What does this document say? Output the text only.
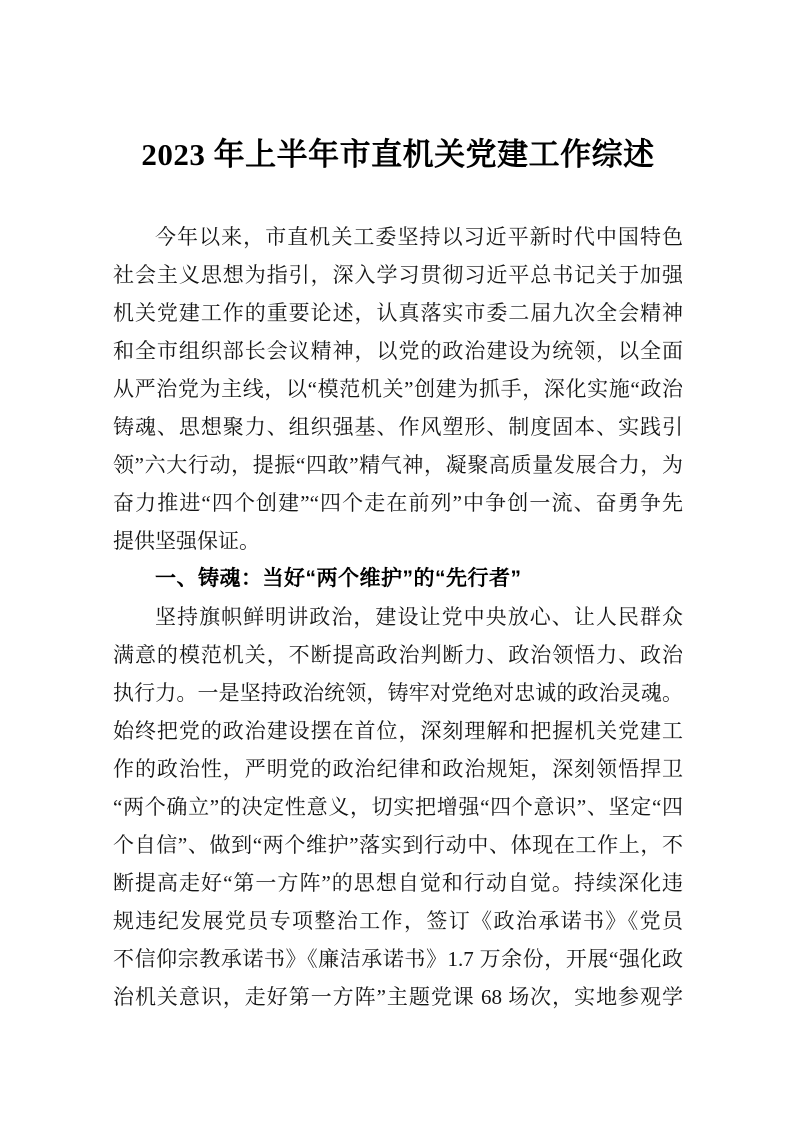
2023 年上半年市直机关党建工作综述
今年以来，市直机关工委坚持以习近平新时代中国特色
社会主义思想为指引，深入学习贯彻习近平总书记关于加强
机关党建工作的重要论述，认真落实市委二届九次全会精神
和全市组织部长会议精神，以党的政治建设为统领，以全面
从严治党为主线，以“模范机关”创建为抓手，深化实施“政治
铸魂、思想聚力、组织强基、作风塑形、制度固本、实践引
领”六大行动，提振“四敢”精气神，凝聚高质量发展合力，为
奋力推进“四个创建”“四个走在前列”中争创一流、奋勇争先
提供坚强保证。
一、铸魂：当好“两个维护”的“先行者”
坚持旗帜鲜明讲政治，建设让党中央放心、让人民群众
满意的模范机关，不断提高政治判断力、政治领悟力、政治
执行力。一是坚持政治统领，铸牢对党绝对忠诚的政治灵魂。
始终把党的政治建设摆在首位，深刻理解和把握机关党建工
作的政治性，严明党的政治纪律和政治规矩，深刻领悟捍卫
“两个确立”的决定性意义，切实把增强“四个意识”、坚定“四
个自信”、做到“两个维护”落实到行动中、体现在工作上，不
断提高走好“第一方阵”的思想自觉和行动自觉。持续深化违
规违纪发展党员专项整治工作，签订《政治承诺书》《党员
不信仰宗教承诺书》《廉洁承诺书》1.7 万余份，开展“强化政
治机关意识，走好第一方阵”主题党课 68 场次，实地参观学
